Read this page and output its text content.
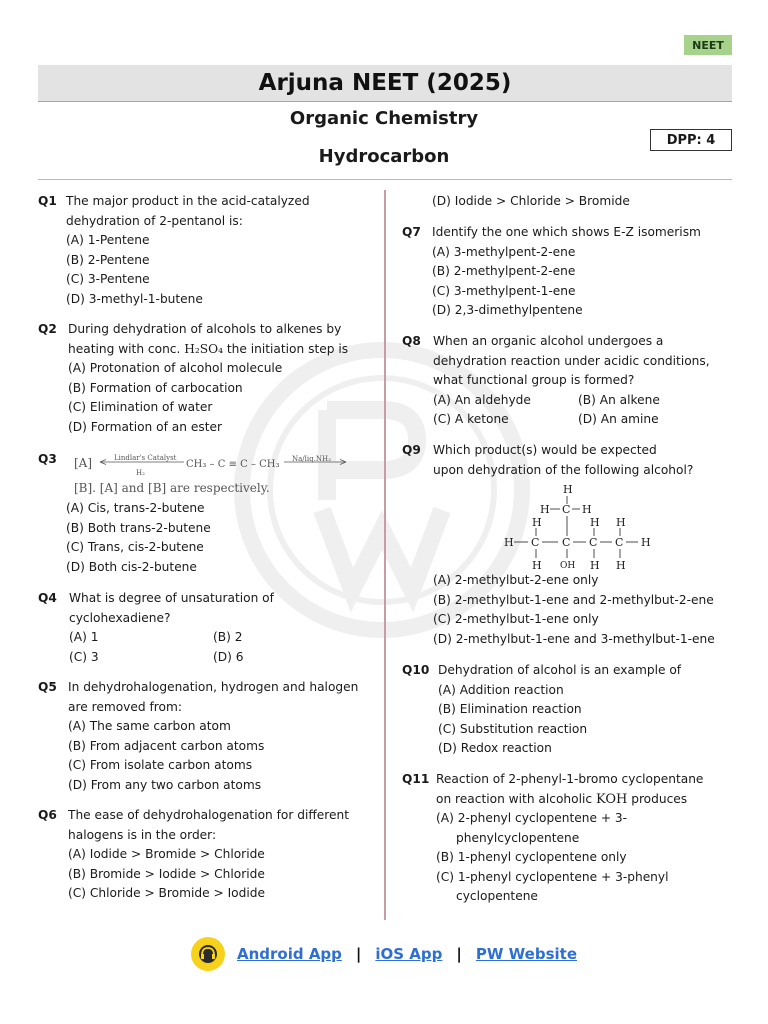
NEET
Arjuna NEET (2025)
Organic Chemistry
Hydrocarbon
DPP: 4
Q1 The major product in the acid-catalyzed
dehydration of 2-pentanol is:
(A) 1-Pentene
(B) 2-Pentene
(C) 3-Pentene
(D) 3-methyl-1-butene
Q2 During dehydration of alcohols to alkenes by
heating with conc. H₂SO₄ the initiation step is
(A) Protonation of alcohol molecule
(B) Formation of carbocation
(C) Elimination of water
(D) Formation of an ester
Q3 [A]	Lindlar's Catalyst
H₂
CH₃ – C ≡ C – CH₃ Na/liq.NH₃
[B]. [A] and [B] are respectively.
(A) Cis, trans-2-butene
(B) Both trans-2-butene
(C) Trans, cis-2-butene
(D) Both cis-2-butene
Q4 What is degree of unsaturation of
cyclohexadiene?
(A) 1	(B) 2
(C) 3	(D) 6
Q5 In dehydrohalogenation, hydrogen and halogen
are removed from:
(A) The same carbon atom
(B) From adjacent carbon atoms
(C) From isolate carbon atoms
(D) From any two carbon atoms
Q6 The ease of dehydrohalogenation for different
halogens is in the order:
(A) Iodide > Bromide > Chloride
(B) Bromide > Iodide > Chloride
(C) Chloride > Bromide > Iodide
(D) Iodide > Chloride > Bromide
Q7 Identify the one which shows E-Z isomerism
(A) 3-methylpent-2-ene
(B) 2-methylpent-2-ene
(C) 3-methylpent-1-ene
(D) 2,3-dimethylpentene
Q8 When an organic alcohol undergoes a
dehydration reaction under acidic conditions,
what functional group is formed?
(A) An aldehyde	(B) An alkene
(C) A ketone	(D) An amine
Q9 Which product(s) would be expected
upon dehydration of the following alcohol?
H
H C H
H	H H
H C C C C H
H OH H H
(A) 2-methylbut-2-ene only
(B) 2-methylbut-1-ene and 2-methylbut-2-ene
(C) 2-methylbut-1-ene only
(D) 2-methylbut-1-ene and 3-methylbut-1-ene
Q10 Dehydration of alcohol is an example of
(A) Addition reaction
(B) Elimination reaction
(C) Substitution reaction
(D) Redox reaction
Q11 Reaction of 2-phenyl-1-bromo cyclopentane
on reaction with alcoholic KOH produces
(A) 2-phenyl cyclopentene + 3-
phenylcyclopentene
(B) 1-phenyl cyclopentene only
(C) 1-phenyl cyclopentene + 3-phenyl
cyclopentene
Android App | iOS App | PW Website
